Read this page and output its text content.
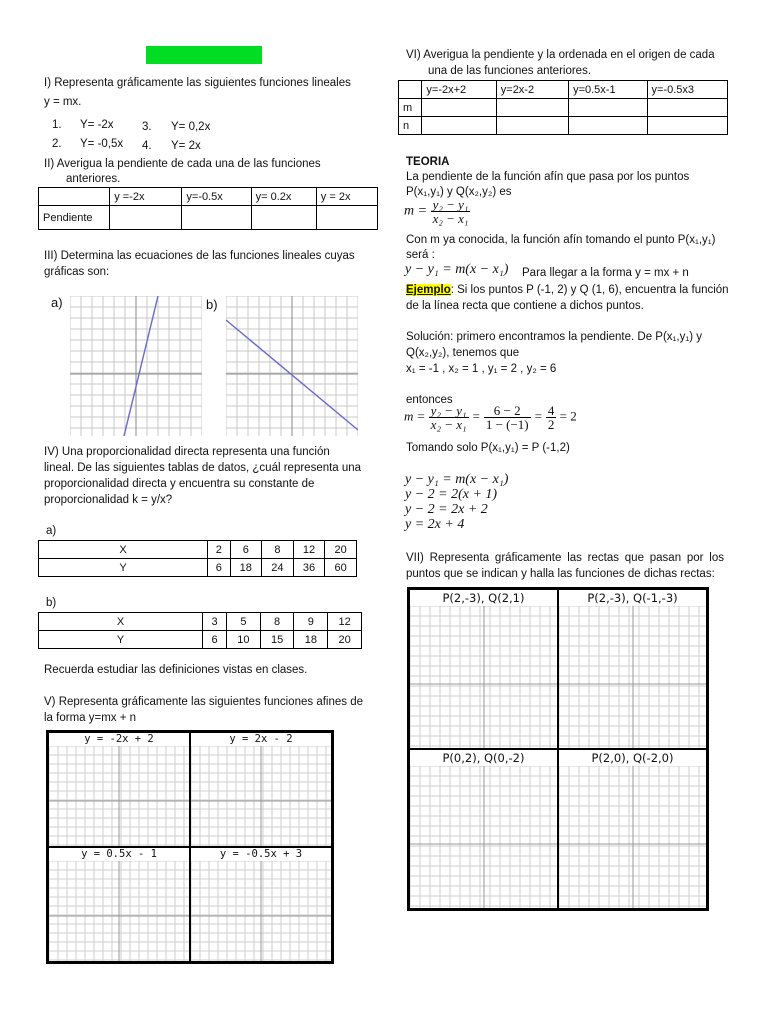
I) Representa gráficamente las siguientes funciones lineales
y = mx.
1. Y= -2x 3. Y= 0,2x
2. Y= -0,5x 4. Y= 2x
II) Averigua la pendiente de cada una de las funciones
anteriores.
	y =-2x	y=-0.5x	y= 0.2x	y = 2x
Pendiente				
III) Determina las ecuaciones de las funciones lineales cuyas
gráficas son:
a)	b)
IV) Una proporcionalidad directa representa una función
lineal. De las siguientes tablas de datos, ¿cuál representa una
proporcionalidad directa y encuentra su constante de
proporcionalidad k = y/x?
a)
X	2	6	8	12	20
Y	6	18	24	36	60
b)
X	3	5	8	9	12
Y	6	10	15	18	20
Recuerda estudiar las definiciones vistas en clases.
V) Representa gráficamente las siguientes funciones afines de
la forma y=mx + n
y = -2x + 2	y = 2x - 2
y = 0.5x - 1	y = -0.5x + 3
VI) Averigua la pendiente y la ordenada en el origen de cada
una de las funciones anteriores.
	y=-2x+2	y=2x-2	y=0.5x-1	y=-0.5x3
m				
n				
TEORIA
La pendiente de la función afín que pasa por los puntos
P(x₁,y₁) y Q(x₂,y₂) es
$m = \frac{\text{y₂ − y₁}}{\text{x₂ − x₁}}$
Con m ya conocida, la función afín tomando el punto P(x₁,y₁)
será :
y − y₁ = m(x − x₁) Para llegar a la forma y = mx + n
Ejemplo: Si los puntos P (-1, 2) y Q (1, 6), encuentra la función
de la línea recta que contiene a dichos puntos.
Solución: primero encontramos la pendiente. De P(x₁,y₁) y
Q(x₂,y₂), tenemos que
x₁ = -1 , x₂ = 1 , y₁ = 2 , y₂ = 6
entonces
$m = \frac{\text{y₂ − y₁}}{\text{x₂ − x₁}} = \frac{6 - 2}{1 - (-1)} = \frac{4}{2} = 2$
Tomando solo P(x₁,y₁) = P (-1,2)
y − y₁ = m(x − x₁)
y − 2 = 2(x + 1)
y − 2 = 2x + 2
y = 2x + 4
VII) Representa gráficamente las rectas que pasan por los
puntos que se indican y halla las funciones de dichas rectas:
P(2,-3), Q(2,1)	P(2,-3), Q(-1,-3)
P(0,2), Q(0,-2)	P(2,0), Q(-2,0)
